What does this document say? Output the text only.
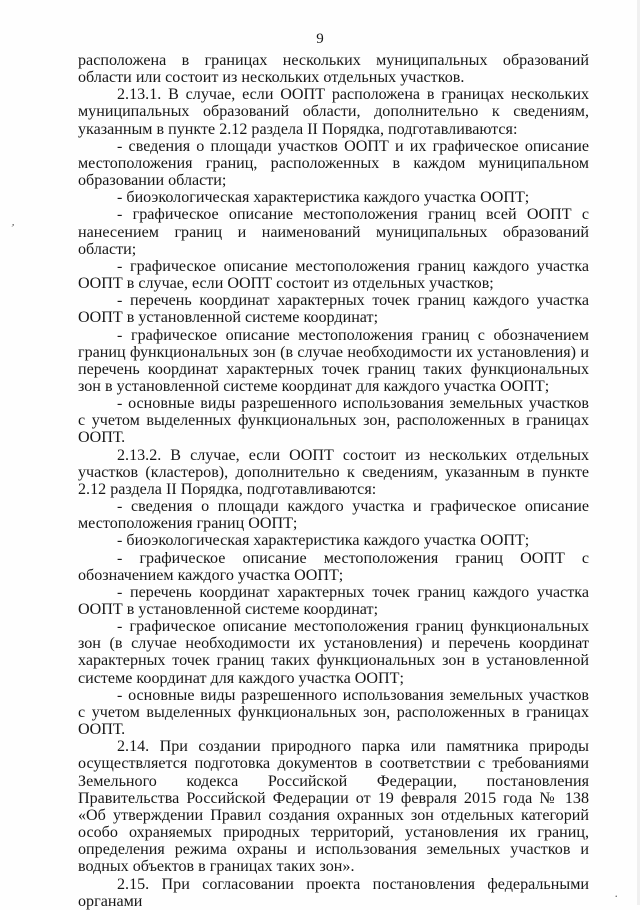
9
’
․

расположена в границах нескольких муниципальных образований области или состоит из нескольких отдельных участков.

2.13.1. В случае, если ООПТ расположена в границах нескольких муниципальных образований области, дополнительно к сведениям, указанным в пункте 2.12 раздела II Порядка, подготавливаются:

- сведения о площади участков ООПТ и их графическое описание местоположения границ, расположенных в каждом муниципальном образовании области;

- биоэкологическая характеристика каждого участка ООПТ;

- графическое описание местоположения границ всей ООПТ с нанесением границ и наименований муниципальных образований области;

- графическое описание местоположения границ каждого участка ООПТ в случае, если ООПТ состоит из отдельных участков;

- перечень координат характерных точек границ каждого участка ООПТ в установленной системе координат;

- графическое описание местоположения границ с обозначением границ функциональных зон (в случае необходимости их установления) и перечень координат характерных точек границ таких функциональных зон в установленной системе координат для каждого участка ООПТ;

- основные виды разрешенного использования земельных участков с учетом выделенных функциональных зон, расположенных в границах ООПТ.

2.13.2. В случае, если ООПТ состоит из нескольких отдельных участков (кластеров), дополнительно к сведениям, указанным в пункте 2.12 раздела II Порядка, подготавливаются:

- сведения о площади каждого участка и графическое описание местоположения границ ООПТ;

- биоэкологическая характеристика каждого участка ООПТ;

- графическое описание местоположения границ ООПТ с обозначением каждого участка ООПТ;

- перечень координат характерных точек границ каждого участка ООПТ в установленной системе координат;

- графическое описание местоположения границ функциональных зон (в случае необходимости их установления) и перечень координат характерных точек границ таких функциональных зон в установленной системе координат для каждого участка ООПТ;

- основные виды разрешенного использования земельных участков с учетом выделенных функциональных зон, расположенных в границах ООПТ.

2.14. При создании природного парка или памятника природы осуществляется подготовка документов в соответствии с требованиями Земельного кодекса Российской Федерации, постановления Правительства Российской Федерации от 19 февраля 2015 года № 138 «Об утверждении Правил создания охранных зон отдельных категорий особо охраняемых природных территорий, установления их границ, определения режима охраны и использования земельных участков и водных объектов в границах таких зон».

2.15. При согласовании проекта постановления федеральными органами
